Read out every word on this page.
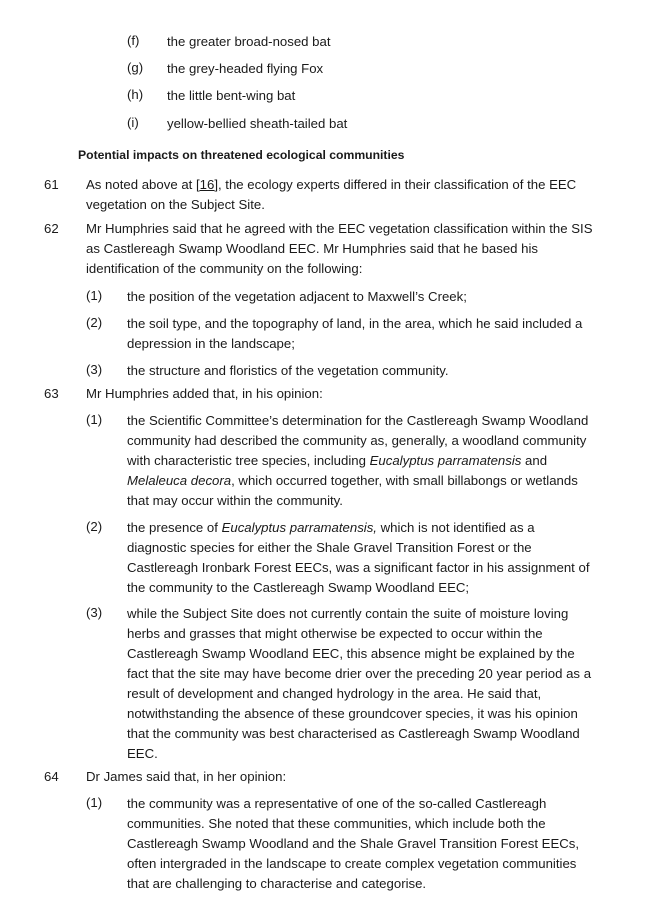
(f) the greater broad-nosed bat
(g) the grey-headed flying Fox
(h) the little bent-wing bat
(i) yellow-bellied sheath-tailed bat
Potential impacts on threatened ecological communities
61 As noted above at [16], the ecology experts differed in their classification of the EEC
vegetation on the Subject Site.
62 Mr Humphries said that he agreed with the EEC vegetation classification within the SIS
as Castlereagh Swamp Woodland EEC. Mr Humphries said that he based his
identification of the community on the following:
(1) the position of the vegetation adjacent to Maxwell’s Creek;
(2) the soil type, and the topography of land, in the area, which he said included a
depression in the landscape;
(3) the structure and floristics of the vegetation community.
63 Mr Humphries added that, in his opinion:
(1) the Scientific Committee’s determination for the Castlereagh Swamp Woodland
community had described the community as, generally, a woodland community
with characteristic tree species, including Eucalyptus parramatensis and
Melaleuca decora, which occurred together, with small billabongs or wetlands
that may occur within the community.
(2) the presence of Eucalyptus parramatensis, which is not identified as a
diagnostic species for either the Shale Gravel Transition Forest or the
Castlereagh Ironbark Forest EECs, was a significant factor in his assignment of
the community to the Castlereagh Swamp Woodland EEC;
(3) while the Subject Site does not currently contain the suite of moisture loving
herbs and grasses that might otherwise be expected to occur within the
Castlereagh Swamp Woodland EEC, this absence might be explained by the
fact that the site may have become drier over the preceding 20 year period as a
result of development and changed hydrology in the area. He said that,
notwithstanding the absence of these groundcover species, it was his opinion
that the community was best characterised as Castlereagh Swamp Woodland
EEC.
64 Dr James said that, in her opinion:
(1) the community was a representative of one of the so-called Castlereagh
communities. She noted that these communities, which include both the
Castlereagh Swamp Woodland and the Shale Gravel Transition Forest EECs,
often intergraded in the landscape to create complex vegetation communities
that are challenging to characterise and categorise.
